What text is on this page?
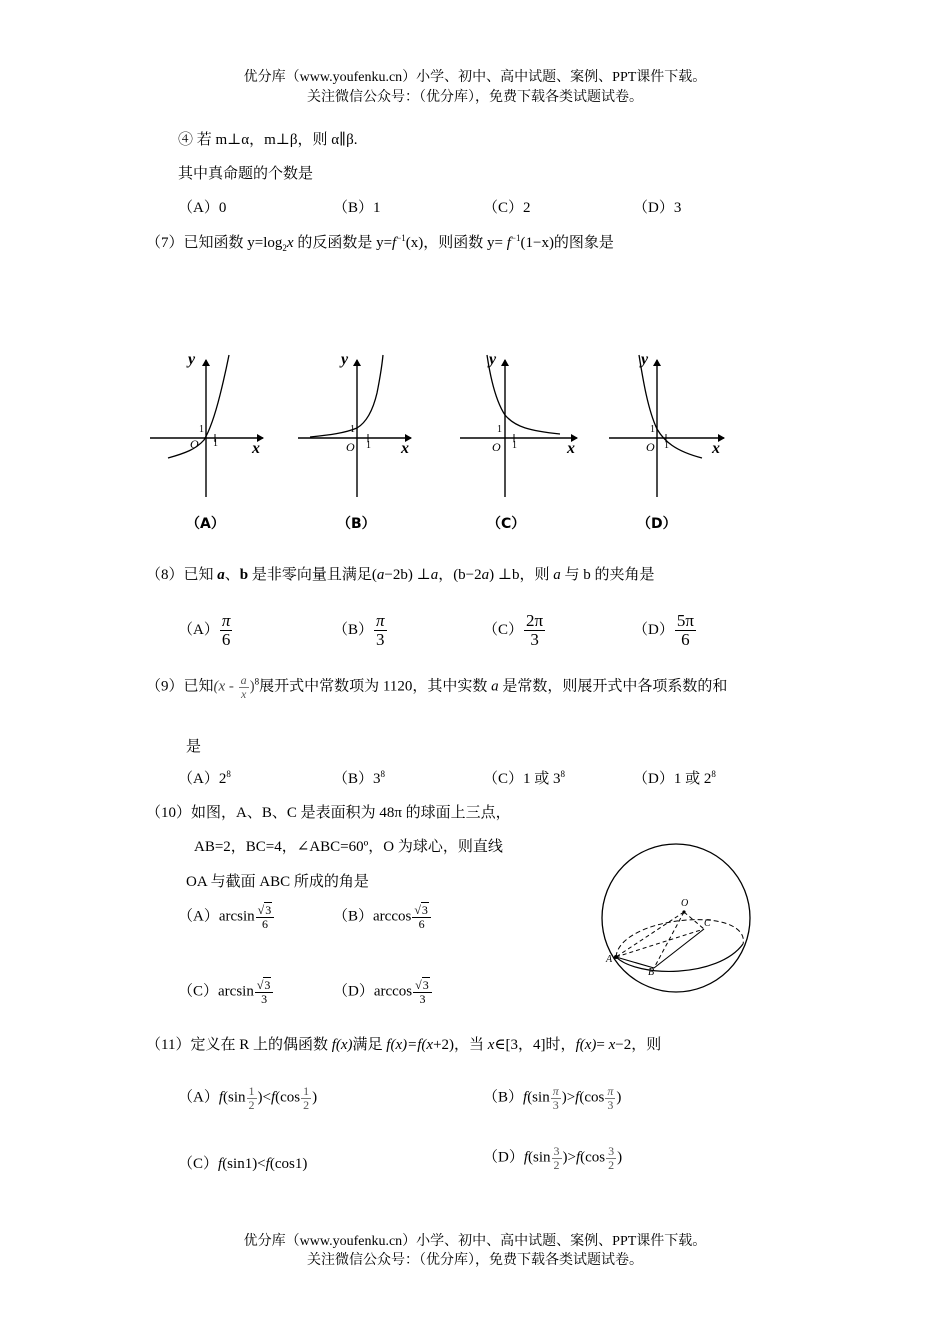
优分库（www.youfenku.cn）小学、初中、高中试题、案例、PPT课件下载。
关注微信公众号：（优分库），免费下载各类试题试卷。
④ 若 m⊥α，m⊥β，则 α∥β.
其中真命题的个数是
（A）0	（B）1	（C）2	（D）3
（7）已知函数 $y=\log_2x$ 的反函数是 $y=f^{-1}(x)$，则函数 $y= f^{-1}(1-x)$的图象是
y
x
O
1
1
y
x
O
1
1
y
x
O
1
1
y
x
O
1
1
（A）	（B）	（C）	（D）
（8）已知 a、b 是非零向量且满足(a−2b) ⊥a，(b−2a) ⊥b，则 a 与 b 的夹角是
$(A) \frac{\pi}{6}$	$(B) \frac{\pi}{3}$	$(C) \frac{2\pi}{3}$	$(D) \frac{5\pi}{6}$
（9）已知$(x - \frac{a}{x} )^8$展开式中常数项为 1120，其中实数 a 是常数，则展开式中各项系数的和
是
$(A)2^8$	$(B)3^8$	（C）1 或 $3^8$	（D）1 或 $2^8$
（10）如图，A、B、C 是表面积为 48π 的球面上三点，
AB=2，BC=4，∠ABC=60º，O 为球心，则直线
OA 与截面 ABC 所成的角是
$(A)\arcsin \frac{√3}{6}$	$(B)\arccos \frac{√3}{6}$
$(C)\arcsin \frac{√3}{3}$	$(D)\arccos \frac{√3}{3}$
O
C
A
B
（11）定义在 R 上的偶函数 f(x)满足 f(x)=f(x+2)，当 x∈[3，4]时，f(x)= x−2，则
$(A)f(\sin \frac{1}{2} )<f(\cos \frac{1}{2}$ )	$(B)f(\sin \frac{\pi}{3} )>f(\cos \frac{\pi}{3}$ )
（C）f(sin1)<f(cos1)	$(D)f(\sin \frac{3}{2} )>f(\cos \frac{3}{2}$ )
优分库（www.youfenku.cn）小学、初中、高中试题、案例、PPT课件下载。
关注微信公众号：（优分库），免费下载各类试题试卷。
